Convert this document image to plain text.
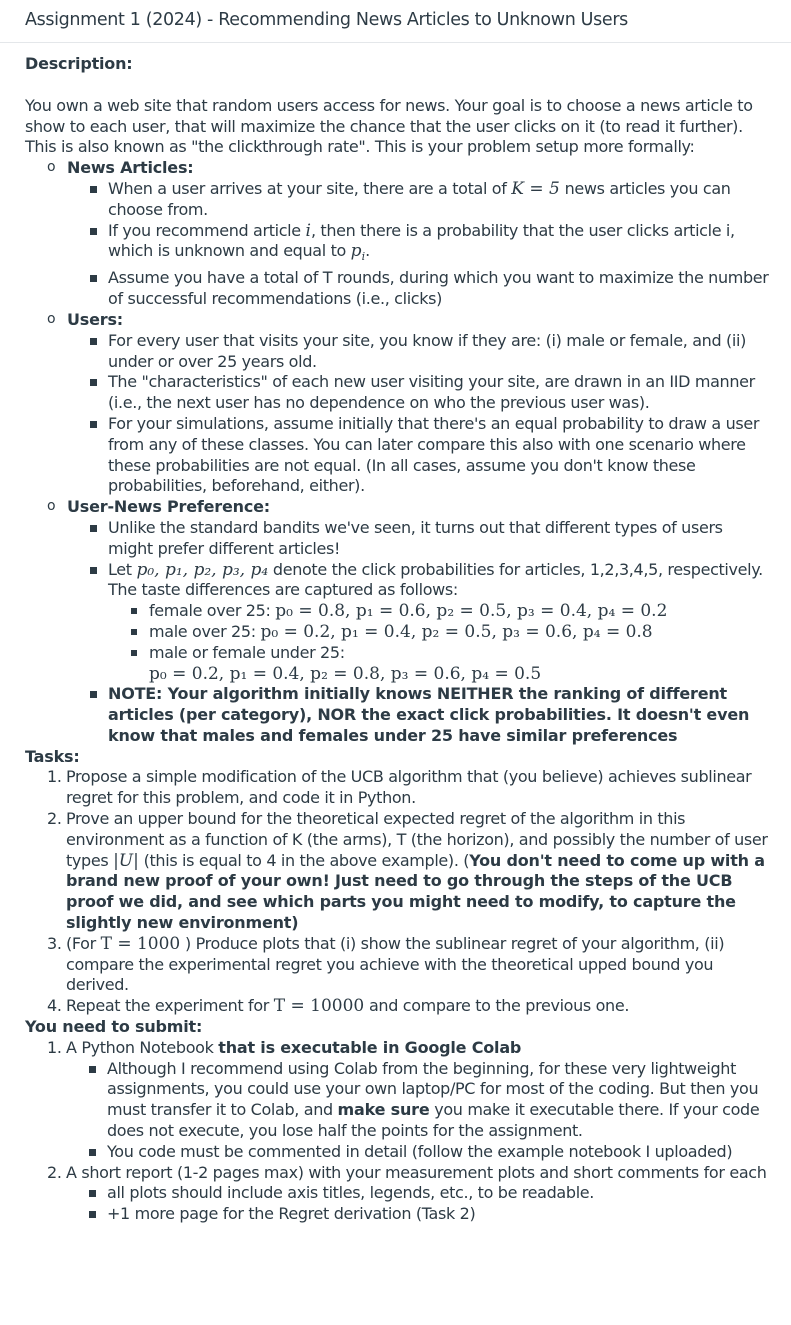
Assignment 1 (2024) - Recommending News Articles to Unknown Users

Description:

You own a web site that random users access for news. Your goal is to choose a news article to show to each user, that will maximize the chance that the user clicks on it (to read it further). This is also known as "the clickthrough rate". This is your problem setup more formally:

o News Articles:
When a user arrives at your site, there are a total of K = 5 news articles you can choose from.
If you recommend article i, then there is a probability that the user clicks article i, which is unknown and equal to $p_i$.
Assume you have a total of T rounds, during which you want to maximize the number of successful recommendations (i.e., clicks)
o Users:
For every user that visits your site, you know if they are: (i) male or female, and (ii) under or over 25 years old.
The "characteristics" of each new user visiting your site, are drawn in an IID manner (i.e., the next user has no dependence on who the previous user was).
For your simulations, assume initially that there's an equal probability to draw a user from any of these classes. You can later compare this also with one scenario where these probabilities are not equal. (In all cases, assume you don't know these probabilities, beforehand, either).
o User-News Preference:
Unlike the standard bandits we've seen, it turns out that different types of users might prefer different articles!
Let p₀, p₁, p₂, p₃, p₄ denote the click probabilities for articles, 1,2,3,4,5, respectively. The taste differences are captured as follows:
female over 25: p₀ = 0.8, p₁ = 0.6, p₂ = 0.5, p₃ = 0.4, p₄ = 0.2
male over 25: p₀ = 0.2, p₁ = 0.4, p₂ = 0.5, p₃ = 0.6, p₄ = 0.8
male or female under 25:
p₀ = 0.2, p₁ = 0.4, p₂ = 0.8, p₃ = 0.6, p₄ = 0.5
NOTE: Your algorithm initially knows NEITHER the ranking of different articles (per category), NOR the exact click probabilities. It doesn't even know that males and females under 25 have similar preferences

Tasks:

1. Propose a simple modification of the UCB algorithm that (you believe) achieves sublinear regret for this problem, and code it in Python.
2. Prove an upper bound for the theoretical expected regret of the algorithm in this environment as a function of K (the arms), T (the horizon), and possibly the number of user types |U| (this is equal to 4 in the above example). (You don't need to come up with a brand new proof of your own! Just need to go through the steps of the UCB proof we did, and see which parts you might need to modify, to capture the slightly new environment)
3. (For T = 1000 ) Produce plots that (i) show the sublinear regret of your algorithm, (ii) compare the experimental regret you achieve with the theoretical upped bound you derived.
4. Repeat the experiment for T = 10000 and compare to the previous one.

You need to submit:

1. A Python Notebook that is executable in Google Colab
Although I recommend using Colab from the beginning, for these very lightweight assignments, you could use your own laptop/PC for most of the coding. But then you must transfer it to Colab, and make sure you make it executable there. If your code does not execute, you lose half the points for the assignment.
You code must be commented in detail (follow the example notebook I uploaded)
2. A short report (1-2 pages max) with your measurement plots and short comments for each
all plots should include axis titles, legends, etc., to be readable.
+1 more page for the Regret derivation (Task 2)
